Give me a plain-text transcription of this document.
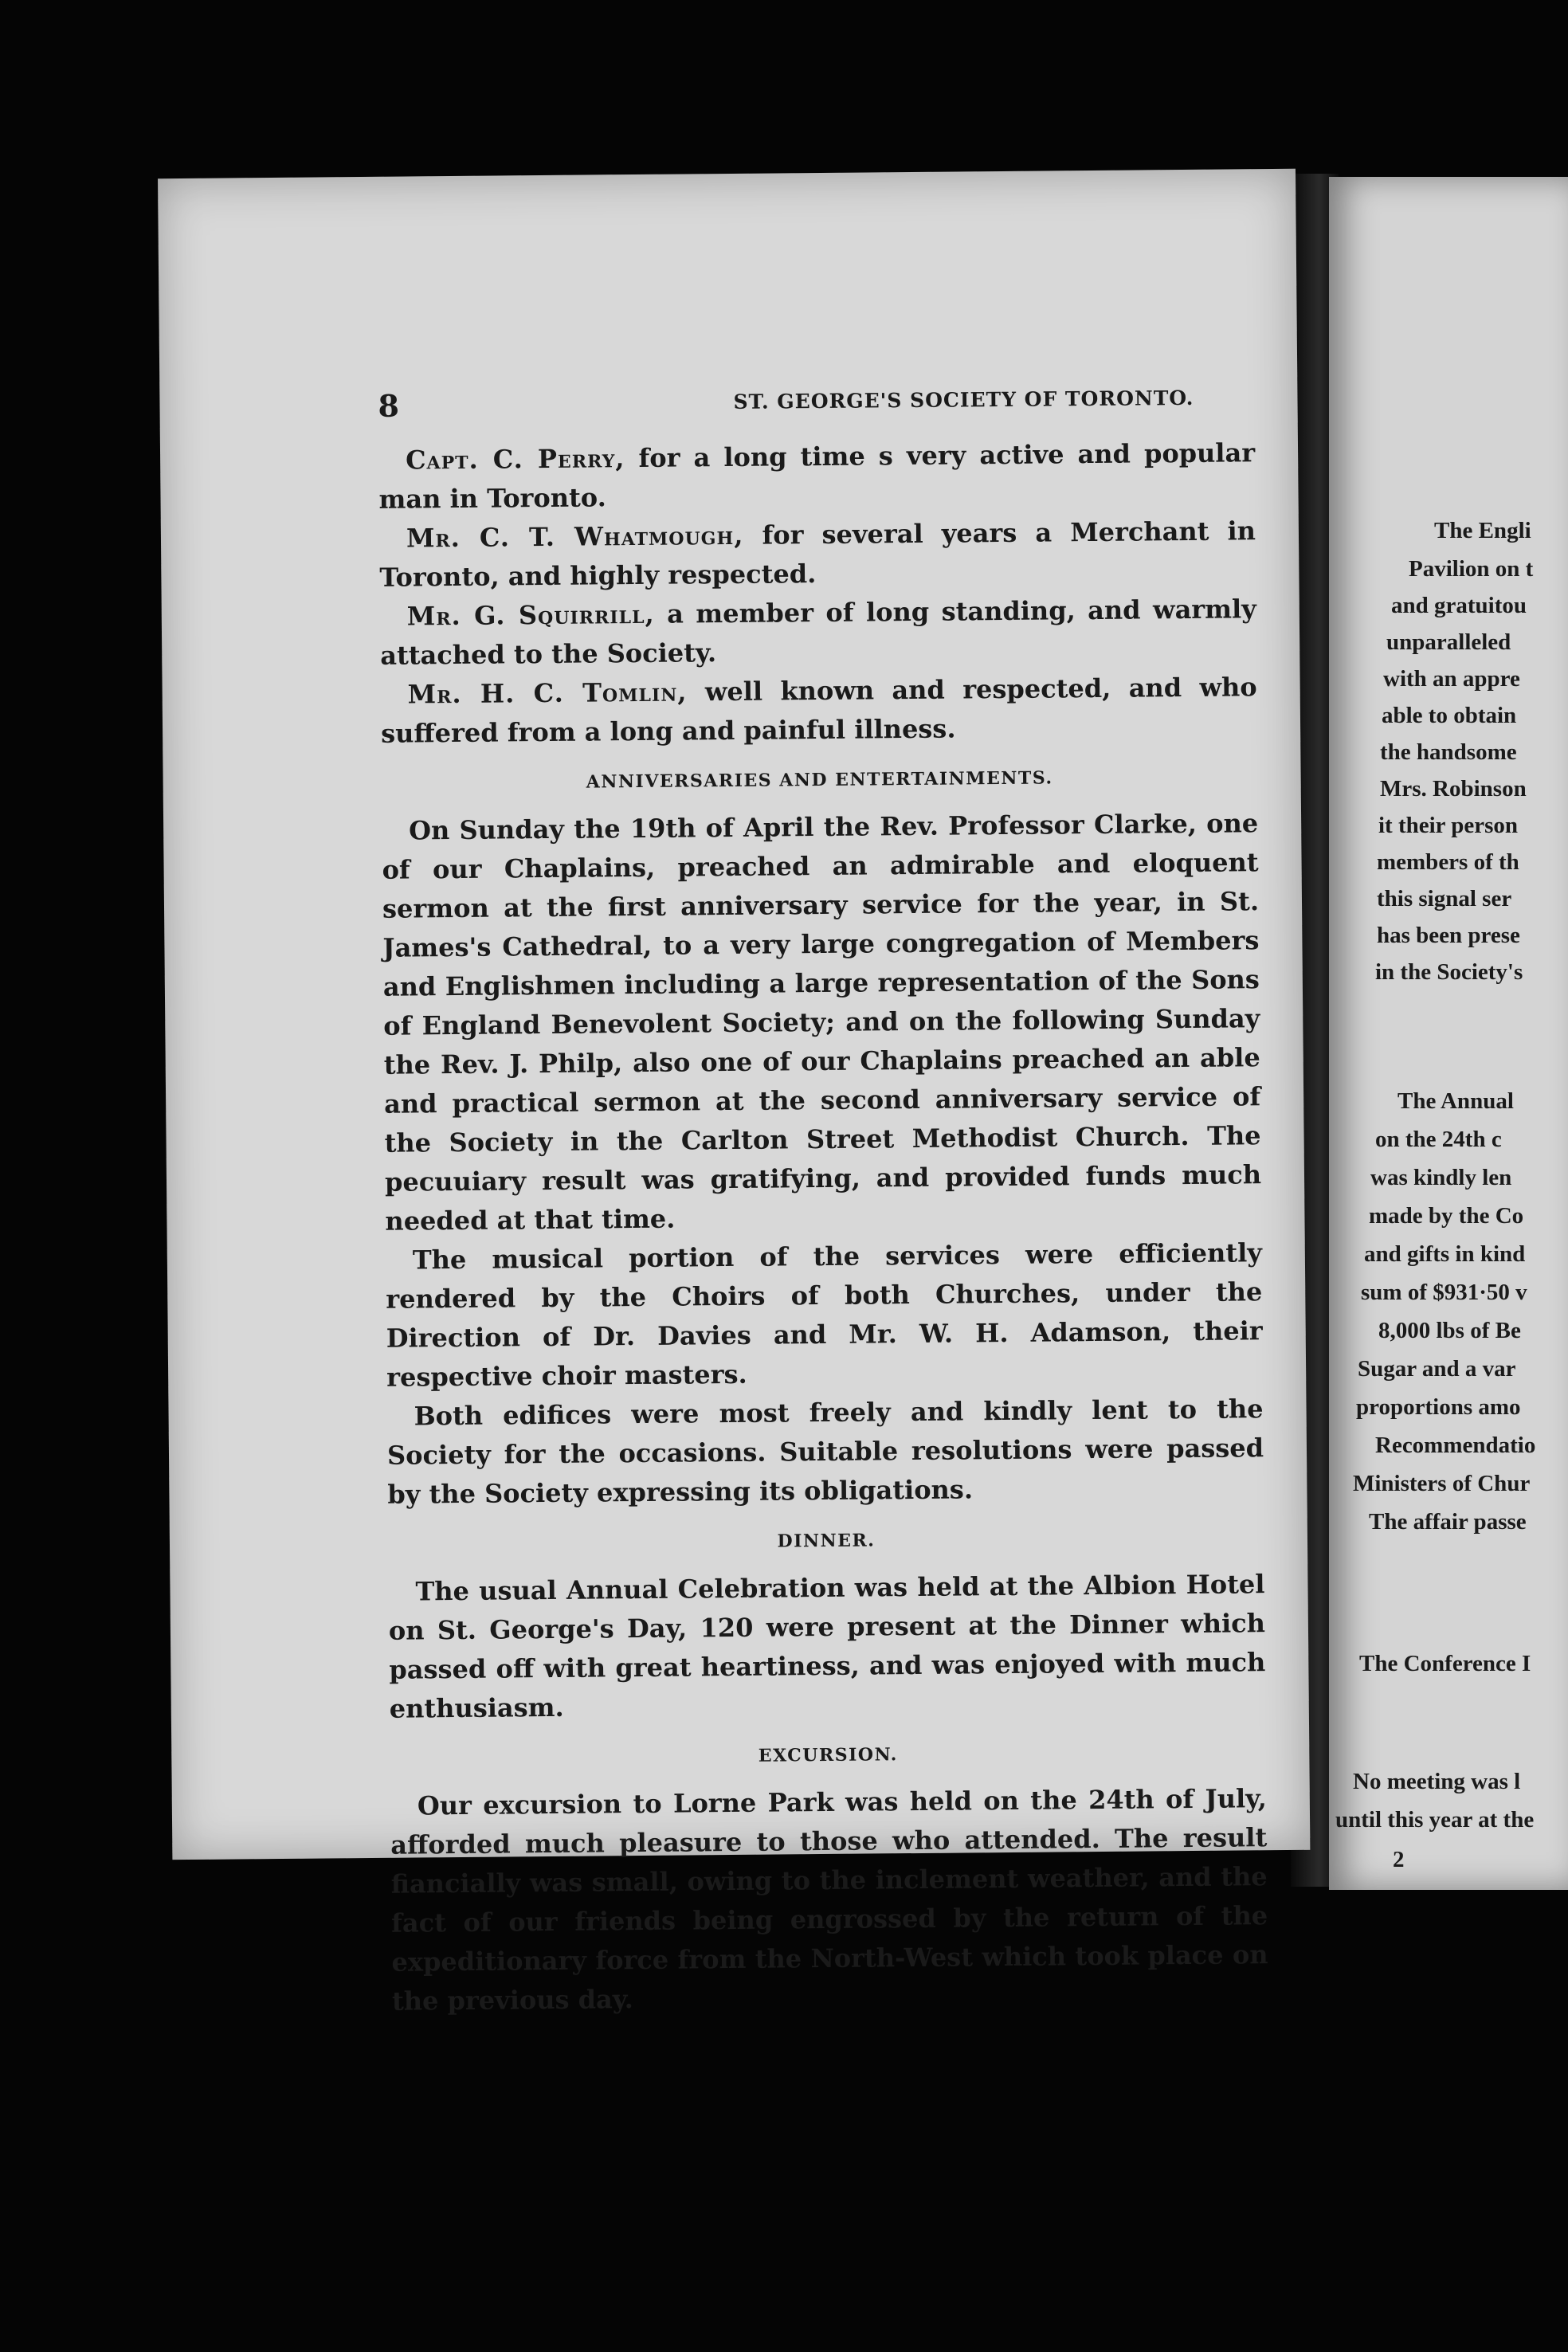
8	ST. GEORGE'S SOCIETY OF TORONTO.

Capt. C. Perry, for a long time s very active and popular man in Toronto.

Mr. C. T. Whatmough, for several years a Merchant in Toronto, and highly respected.

Mr. G. Squirrill, a member of long standing, and warmly attached to the Society.

Mr. H. C. Tomlin, well known and respected, and who suffered from a long and painful illness.

ANNIVERSARIES AND ENTERTAINMENTS.

On Sunday the 19th of April the Rev. Professor Clarke, one of our Chaplains, preached an admirable and eloquent sermon at the first anniversary service for the year, in St. James's Cathedral, to a very large congregation of Members and Englishmen including a large representation of the Sons of England Benevolent Society; and on the following Sunday the Rev. J. Philp, also one of our Chaplains preached an able and practical sermon at the second anniversary service of the Society in the Carlton Street Methodist Church. The pecuuiary result was gratifying, and provided funds much needed at that time.

The musical portion of the services were efficiently rendered by the Choirs of both Churches, under the Direction of Dr. Davies and Mr. W. H. Adamson, their respective choir masters.

Both edifices were most freely and kindly lent to the Society for the occasions. Suitable resolutions were passed by the Society expressing its obligations.

DINNER.

The usual Annual Celebration was held at the Albion Hotel on St. George's Day, 120 were present at the Dinner which passed off with great heartiness, and was enjoyed with much enthusiasm.

EXCURSION.

Our excursion to Lorne Park was held on the 24th of July, afforded much pleasure to those who attended. The result fiancially was small, owing to the inclement weather, and the fact of our friends being engrossed by the return of the expeditionary force from the North-West which took place on the previous day.

The Engli
Pavilion on t
and gratuitou
unparalleled
with an appre
able to obtain
the handsome
Mrs. Robinson
it their person
members of th
this signal ser
has been prese
in the Society's
The Annual
on the 24th c
was kindly len
made by the Co
and gifts in kind
sum of $931·50 v
8,000 lbs of Be
Sugar and a var
proportions amo
Recommendatio
Ministers of Chur
The affair passe
The Conference I
No meeting was l
until this year at the
2
